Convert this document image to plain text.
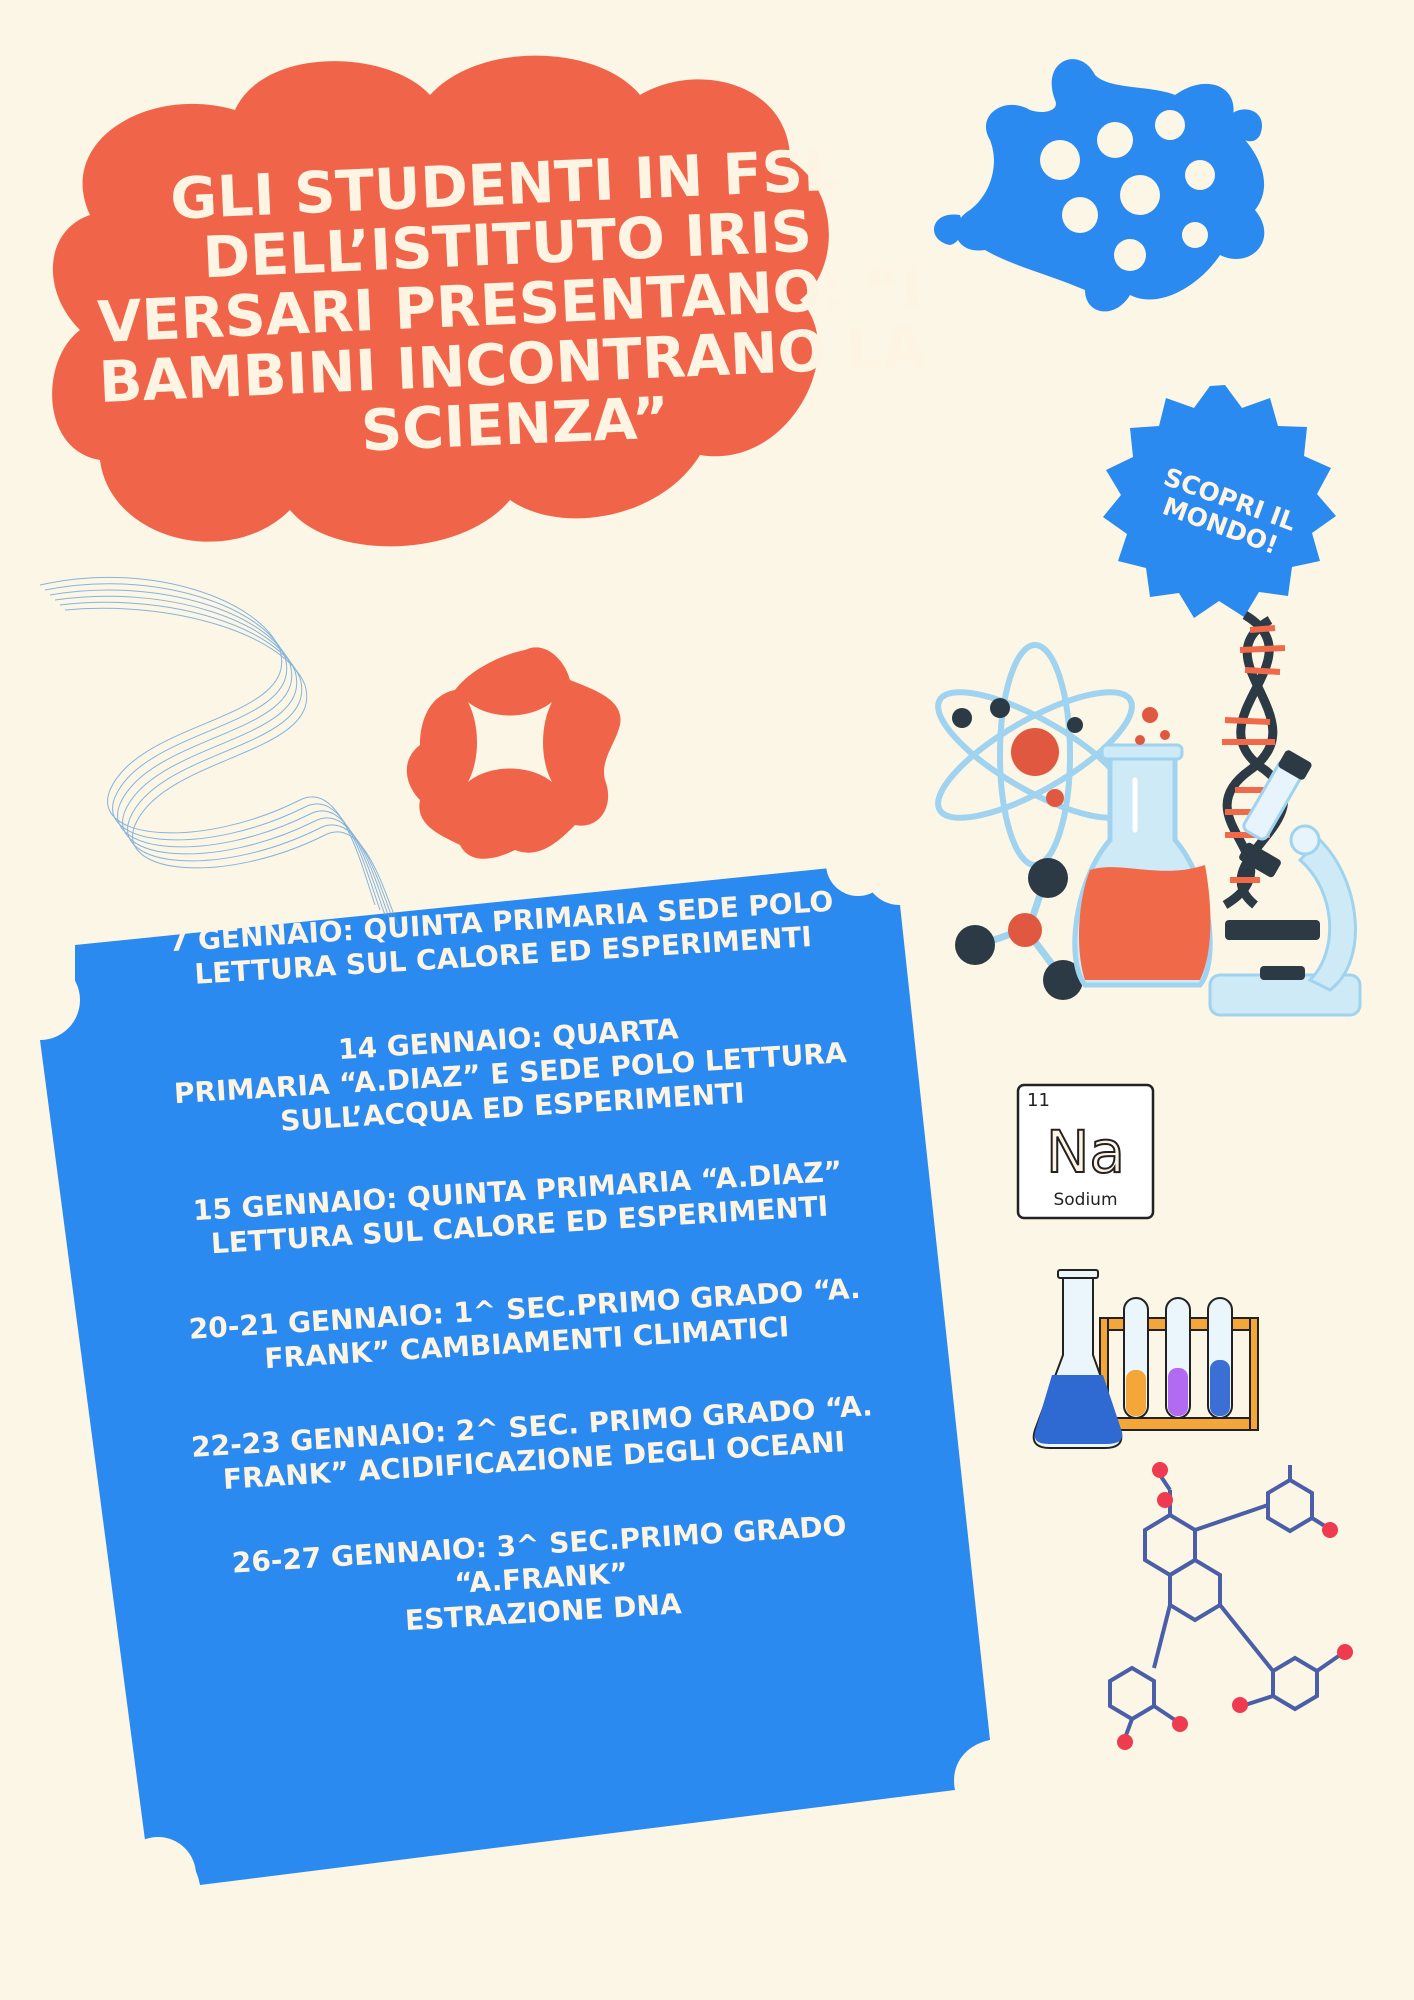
GLI STUDENTI IN FSL
DELL’ISTITUTO IRIS
VERSARI PRESENTANO: “I
BAMBINI INCONTRANO LA
SCIENZA”
SCOPRI IL
MONDO!
7 GENNAIO: QUINTA PRIMARIA SEDE POLO
LETTURA SUL CALORE ED ESPERIMENTI
14 GENNAIO: QUARTA
PRIMARIA “A.DIAZ” E SEDE POLO LETTURA
SULL’ACQUA ED ESPERIMENTI
15 GENNAIO: QUINTA PRIMARIA “A.DIAZ”
LETTURA SUL CALORE ED ESPERIMENTI
20-21 GENNAIO: 1^ SEC.PRIMO GRADO “A.
FRANK” CAMBIAMENTI CLIMATICI
22-23 GENNAIO: 2^ SEC. PRIMO GRADO “A.
FRANK” ACIDIFICAZIONE DEGLI OCEANI
26-27 GENNAIO: 3^ SEC.PRIMO GRADO
“A.FRANK”
ESTRAZIONE DNA
11
Na
Sodium
